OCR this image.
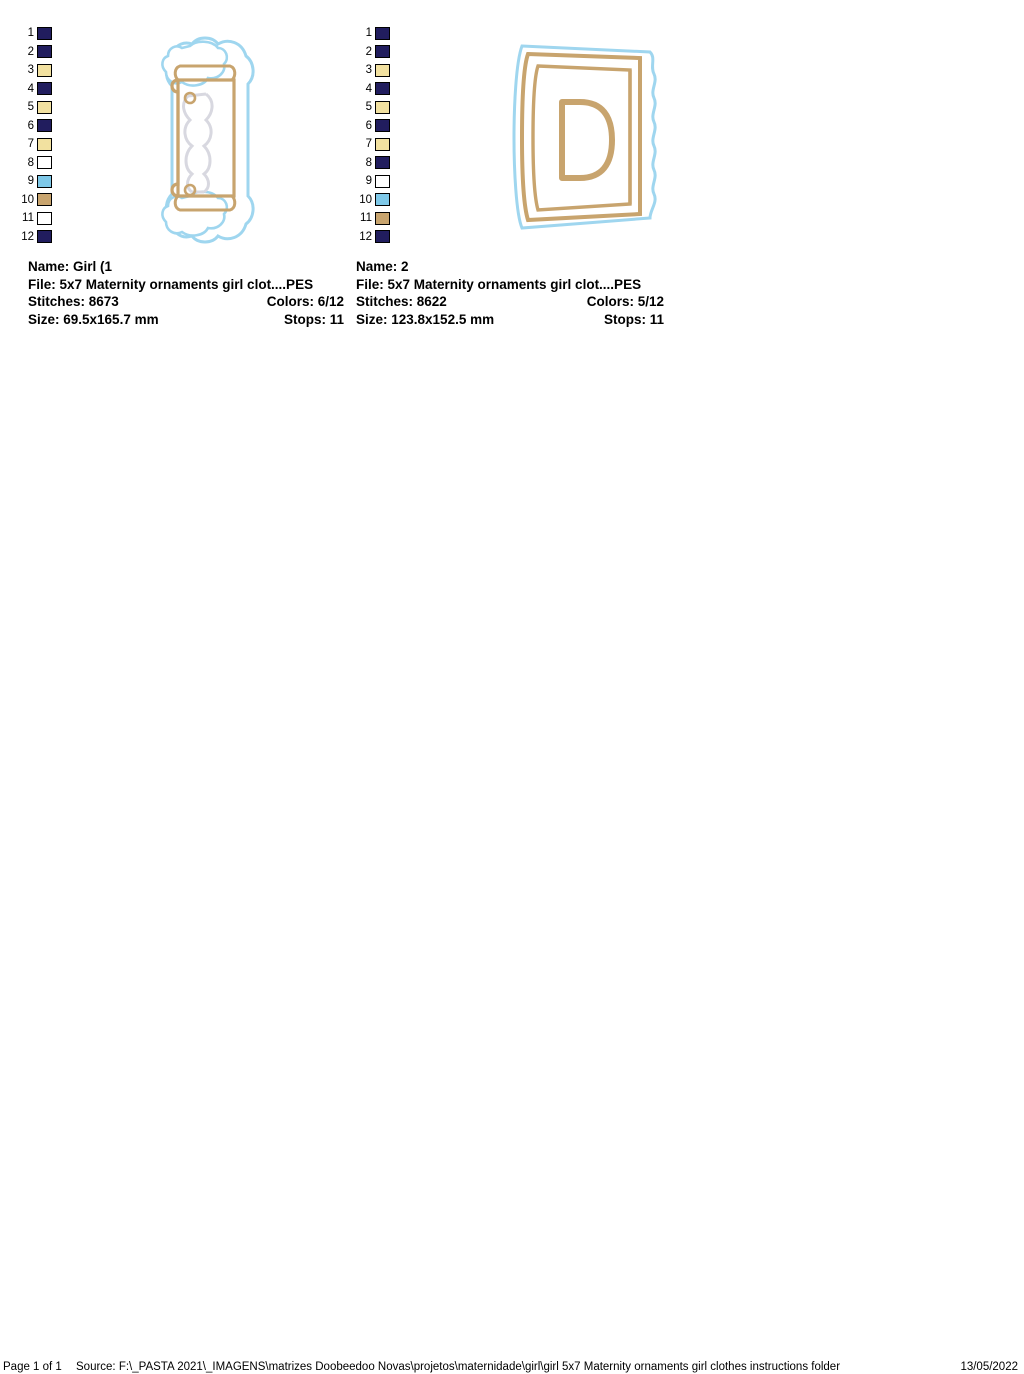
1
2
3
4
5
6
7
8
9
10
11
12
Name: Girl (1
File: 5x7 Maternity ornaments girl clot....PES
Stitches: 8673	Colors: 6/12
Size: 69.5x165.7 mm	Stops: 11
1
2
3
4
5
6
7
8
9
10
11
12
Name: 2
File: 5x7 Maternity ornaments girl clot....PES
Stitches: 8622	Colors: 5/12
Size: 123.8x152.5 mm	Stops: 11
Page 1 of 1 Source: F:\_PASTA 2021\_IMAGENS\matrizes Doobeedoo Novas\projetos\maternidade\girl\girl 5x7 Maternity ornaments girl clothes instructions folder	13/05/2022
